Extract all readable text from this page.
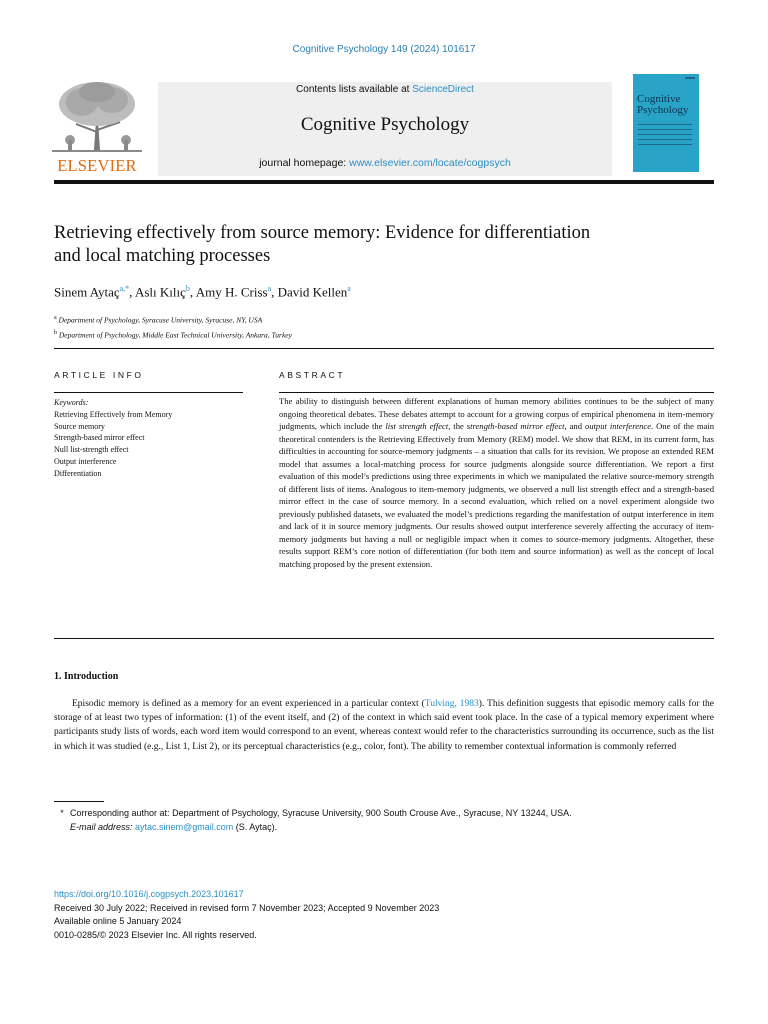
Cognitive Psychology 149 (2024) 101617
ELSEVIER
Contents lists available at ScienceDirect
Cognitive Psychology
journal homepage: www.elsevier.com/locate/cogpsych
Cognitive
Psychology
Retrieving effectively from source memory: Evidence for differentiation and local matching processes
Sinem Aytaç$^{a,*}$, Aslı Kılıç$^b$, Amy H. Criss$^a$, David Kellen$^a$
$^a$ Department of Psychology, Syracuse University, Syracuse, NY, USA
$^b$ Department of Psychology, Middle East Technical University, Ankara, Turkey
ARTICLE INFO	ABSTRACT
Keywords:
Retrieving Effectively from Memory
Source memory
Strength-based mirror effect
Null list-strength effect
Output interference
Differentiation
The ability to distinguish between different explanations of human memory abilities continues to be the subject of many ongoing theoretical debates. These debates attempt to account for a growing corpus of empirical phenomena in item-memory judgments, which include the list strength effect, the strength-based mirror effect, and output interference. One of the main theoretical contenders is the Retrieving Effectively from Memory (REM) model. We show that REM, in its current form, has difficulties in accounting for source-memory judgments – a situation that calls for its revision. We propose an extended REM model that assumes a local-matching process for source judgments alongside source differentiation. We report a first evaluation of this model’s predictions using three experiments in which we manipulated the relative source-memory strength of different lists of items. Analogous to item-memory judgments, we observed a null list strength effect and a strength-based mirror effect in the case of source memory. In a second evaluation, which relied on a novel experiment alongside two previously published datasets, we evaluated the model’s predictions regarding the manifestation of output interference in item and lack of it in source memory judgments. Our results showed output interference severely affecting the accuracy of item-memory judgments but having a null or negligible impact when it comes to source-memory judgments. Altogether, these results support REM’s core notion of differentiation (for both item and source information) as well as the concept of local matching proposed by the present extension.
1. Introduction
Episodic memory is defined as a memory for an event experienced in a particular context (Tulving, 1983). This definition suggests that episodic memory calls for the storage of at least two types of information: (1) of the event itself, and (2) of the context in which said event took place. In the case of a typical memory experiment where participants study lists of words, each word item would correspond to an event, whereas context would refer to the characteristics surrounding its occurrence, such as the list in which it was studied (e.g., List 1, List 2), or its perceptual characteristics (e.g., color, font). The ability to remember contextual information is commonly referred
* Corresponding author at: Department of Psychology, Syracuse University, 900 South Crouse Ave., Syracuse, NY 13244, USA.
E-mail address: aytac.sinem@gmail.com (S. Aytaç).
https://doi.org/10.1016/j.cogpsych.2023.101617
Received 30 July 2022; Received in revised form 7 November 2023; Accepted 9 November 2023
Available online 5 January 2024
0010-0285/© 2023 Elsevier Inc. All rights reserved.
